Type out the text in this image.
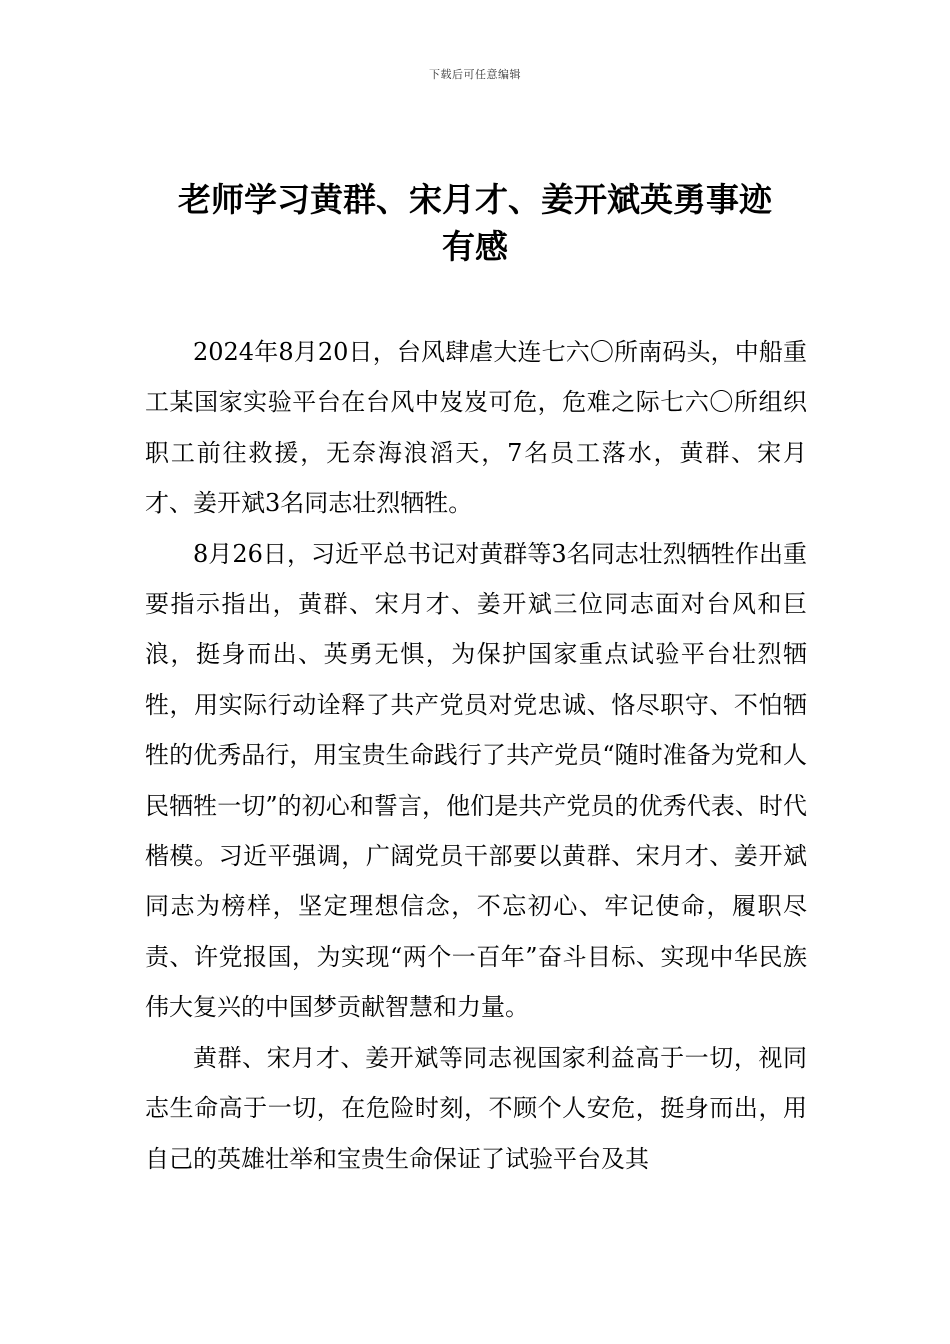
下载后可任意编辑
老师学习黄群、宋月才、姜开斌英勇事迹
有感

2024年8月20日，台风肆虐大连七六〇所南码头，中船重工某国家实验平台在台风中岌岌可危，危难之际七六〇所组织职工前往救援，无奈海浪滔天，7名员工落水，黄群、宋月才、姜开斌3名同志壮烈牺牲。

8月26日，习近平总书记对黄群等3名同志壮烈牺牲作出重要指示指出，黄群、宋月才、姜开斌三位同志面对台风和巨浪，挺身而出、英勇无惧，为保护国家重点试验平台壮烈牺牲，用实际行动诠释了共产党员对党忠诚、恪尽职守、不怕牺牲的优秀品行，用宝贵生命践行了共产党员“随时准备为党和人民牺牲一切”的初心和誓言，他们是共产党员的优秀代表、时代楷模。习近平强调，广阔党员干部要以黄群、宋月才、姜开斌同志为榜样，坚定理想信念，不忘初心、牢记使命，履职尽责、许党报国，为实现“两个一百年”奋斗目标、实现中华民族伟大复兴的中国梦贡献智慧和力量。

黄群、宋月才、姜开斌等同志视国家利益高于一切，视同志生命高于一切，在危险时刻，不顾个人安危，挺身而出，用自己的英雄壮举和宝贵生命保证了试验平台及其
